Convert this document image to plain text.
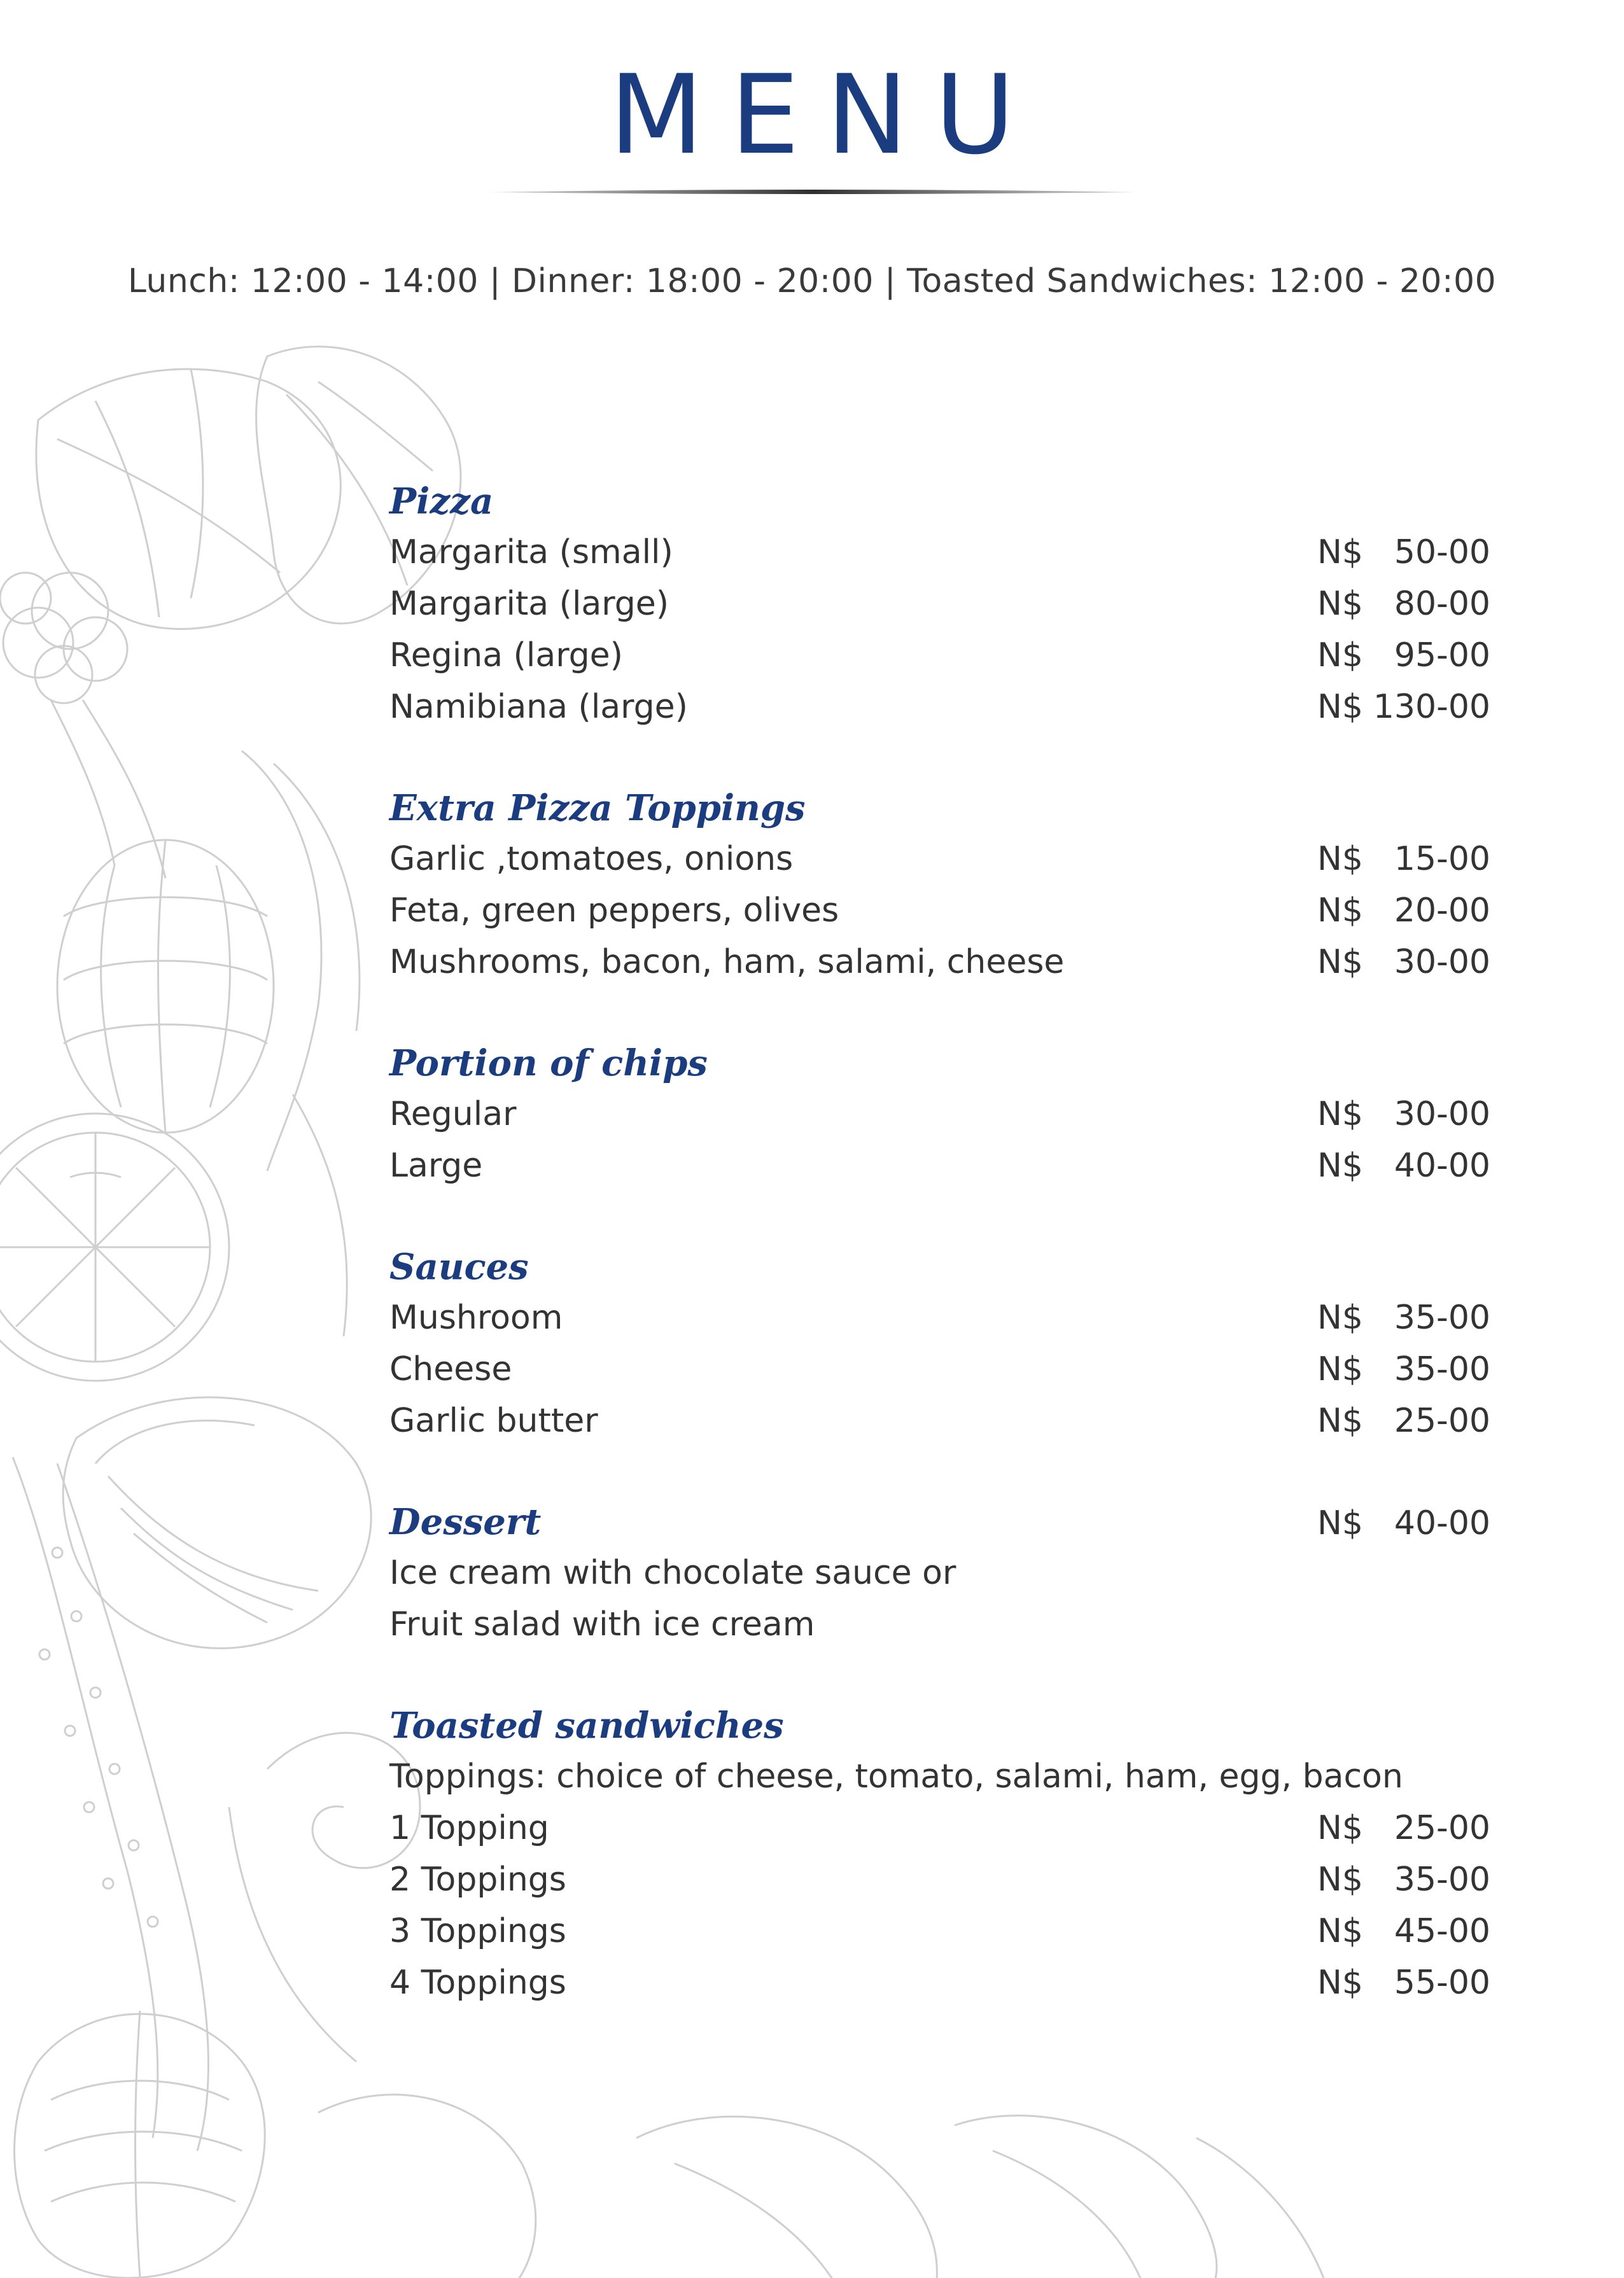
MENU
Lunch: 12:00 - 14:00 | Dinner: 18:00 - 20:00 | Toasted Sandwiches: 12:00 - 20:00
Pizza
Margarita (small)	N$ 50-00
Margarita (large)	N$ 80-00
Regina (large)	N$ 95-00
Namibiana (large)	N$ 130-00
Extra Pizza Toppings
Garlic ,tomatoes, onions	N$ 15-00
Feta, green peppers, olives	N$ 20-00
Mushrooms, bacon, ham, salami, cheese	N$ 30-00
Portion of chips
Regular	N$ 30-00
Large	N$ 40-00
Sauces
Mushroom	N$ 35-00
Cheese	N$ 35-00
Garlic butter	N$ 25-00
Dessert	N$ 40-00
Ice cream with chocolate sauce or
Fruit salad with ice cream
Toasted sandwiches
Toppings: choice of cheese, tomato, salami, ham, egg, bacon
1 Topping	N$ 25-00
2 Toppings	N$ 35-00
3 Toppings	N$ 45-00
4 Toppings	N$ 55-00
